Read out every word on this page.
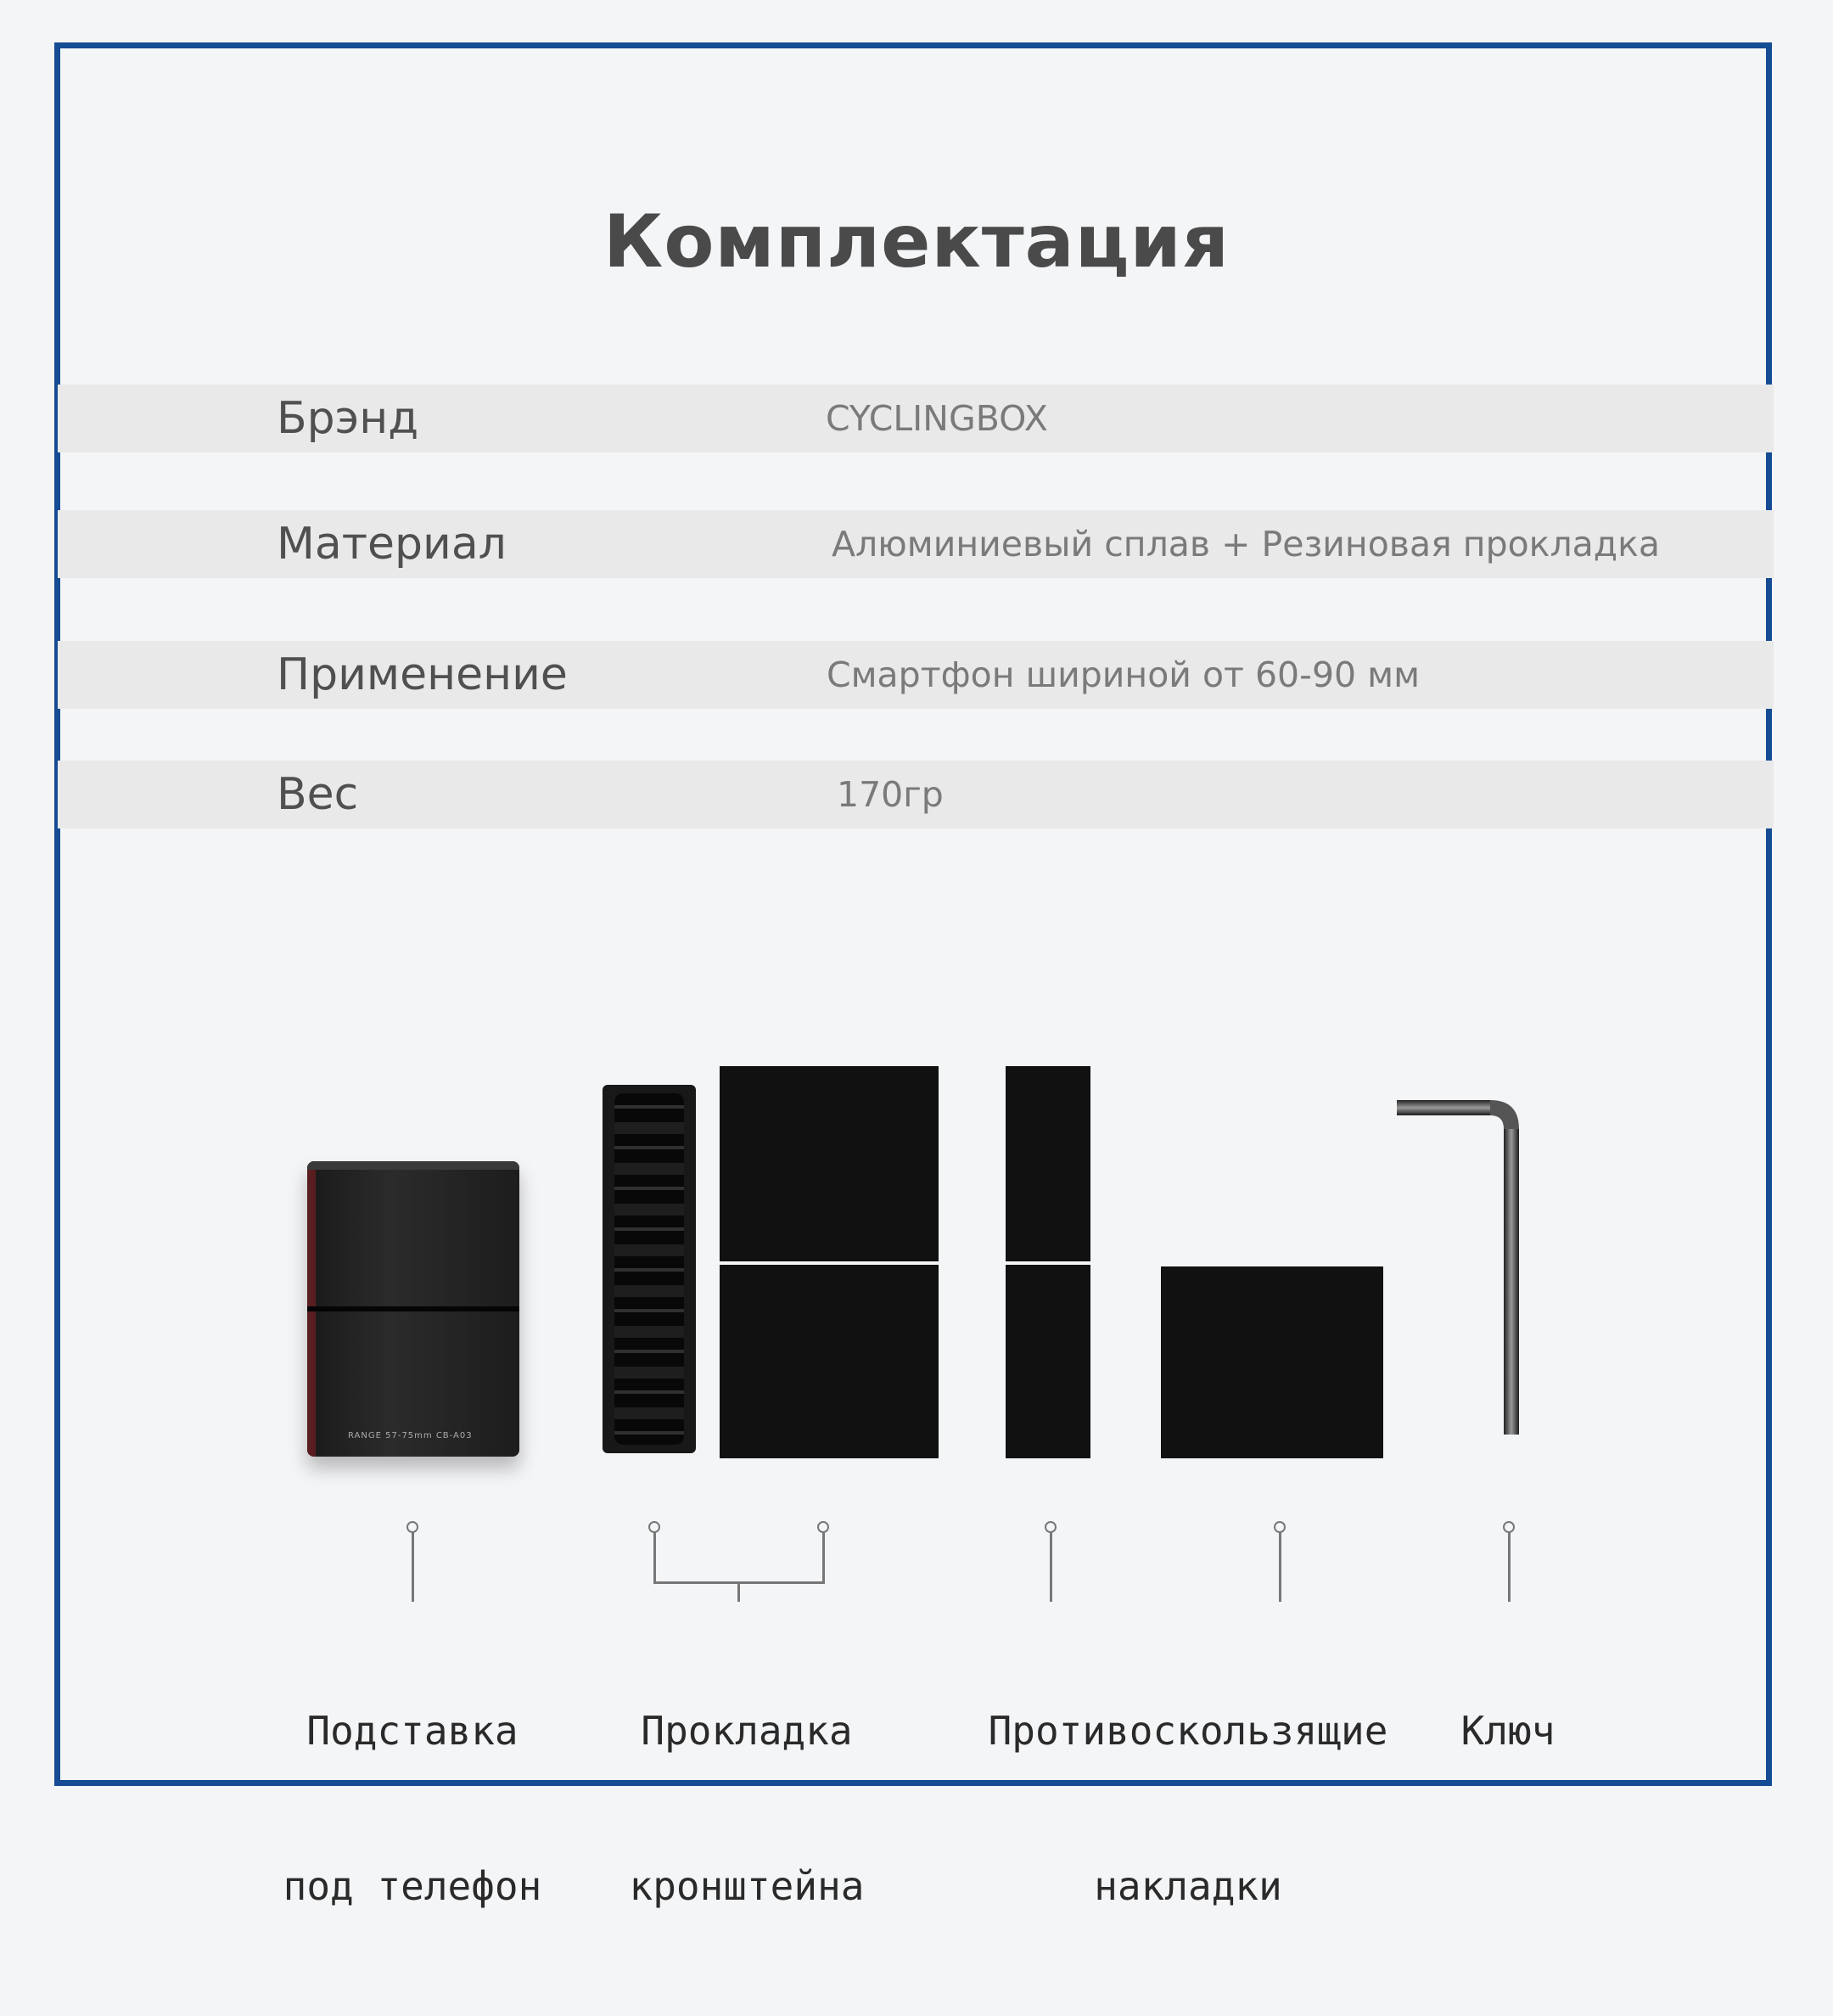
Комплектация
Брэнд	CYCLINGBOX
Материал	Алюминиевый сплав + Резиновая прокладка
Применение	Смартфон шириной от 60-90 мм
Вес	170гр
RANGE 57-75mm CB-A03

Подставка

под телефон

Прокладка

кронштейна

Противоскользящие

накладки

Ключ
